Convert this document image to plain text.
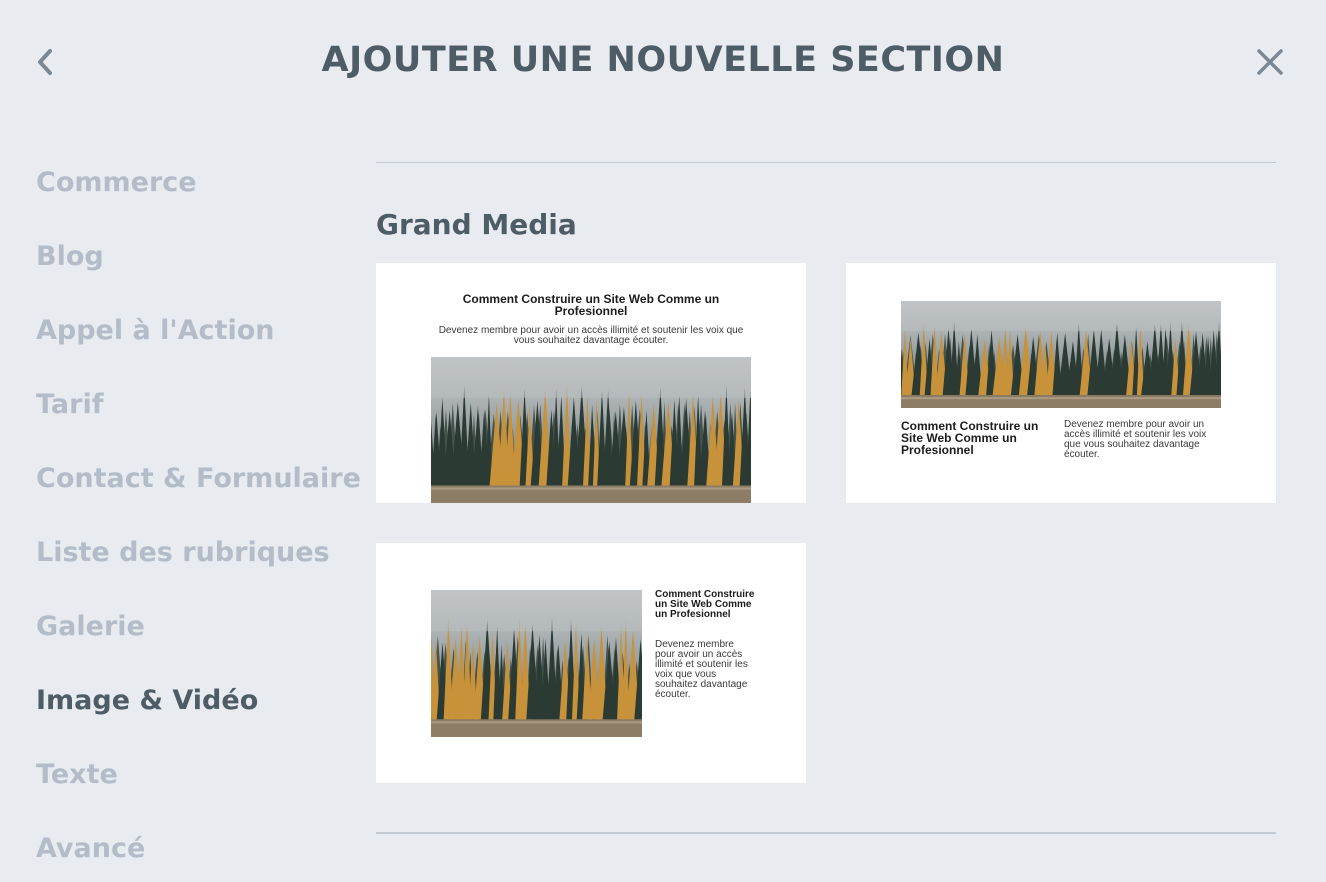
AJOUTER UNE NOUVELLE SECTION
Commerce
Blog
Appel à l'Action
Tarif
Contact & Formulaire
Liste des rubriques
Galerie
Image & Vidéo
Texte
Avancé
Grand Media
Comment Construire un Site Web Comme un Profesionnel
Devenez membre pour avoir un accès illimité et soutenir les voix que vous souhaitez davantage écouter.
Comment Construire un Site Web Comme un Profesionnel
Devenez membre pour avoir un accès illimité et soutenir les voix que vous souhaitez davantage écouter.
Comment Construire un Site Web Comme un Profesionnel
Devenez membre pour avoir un accès illimité et soutenir les voix que vous souhaitez davantage écouter.
